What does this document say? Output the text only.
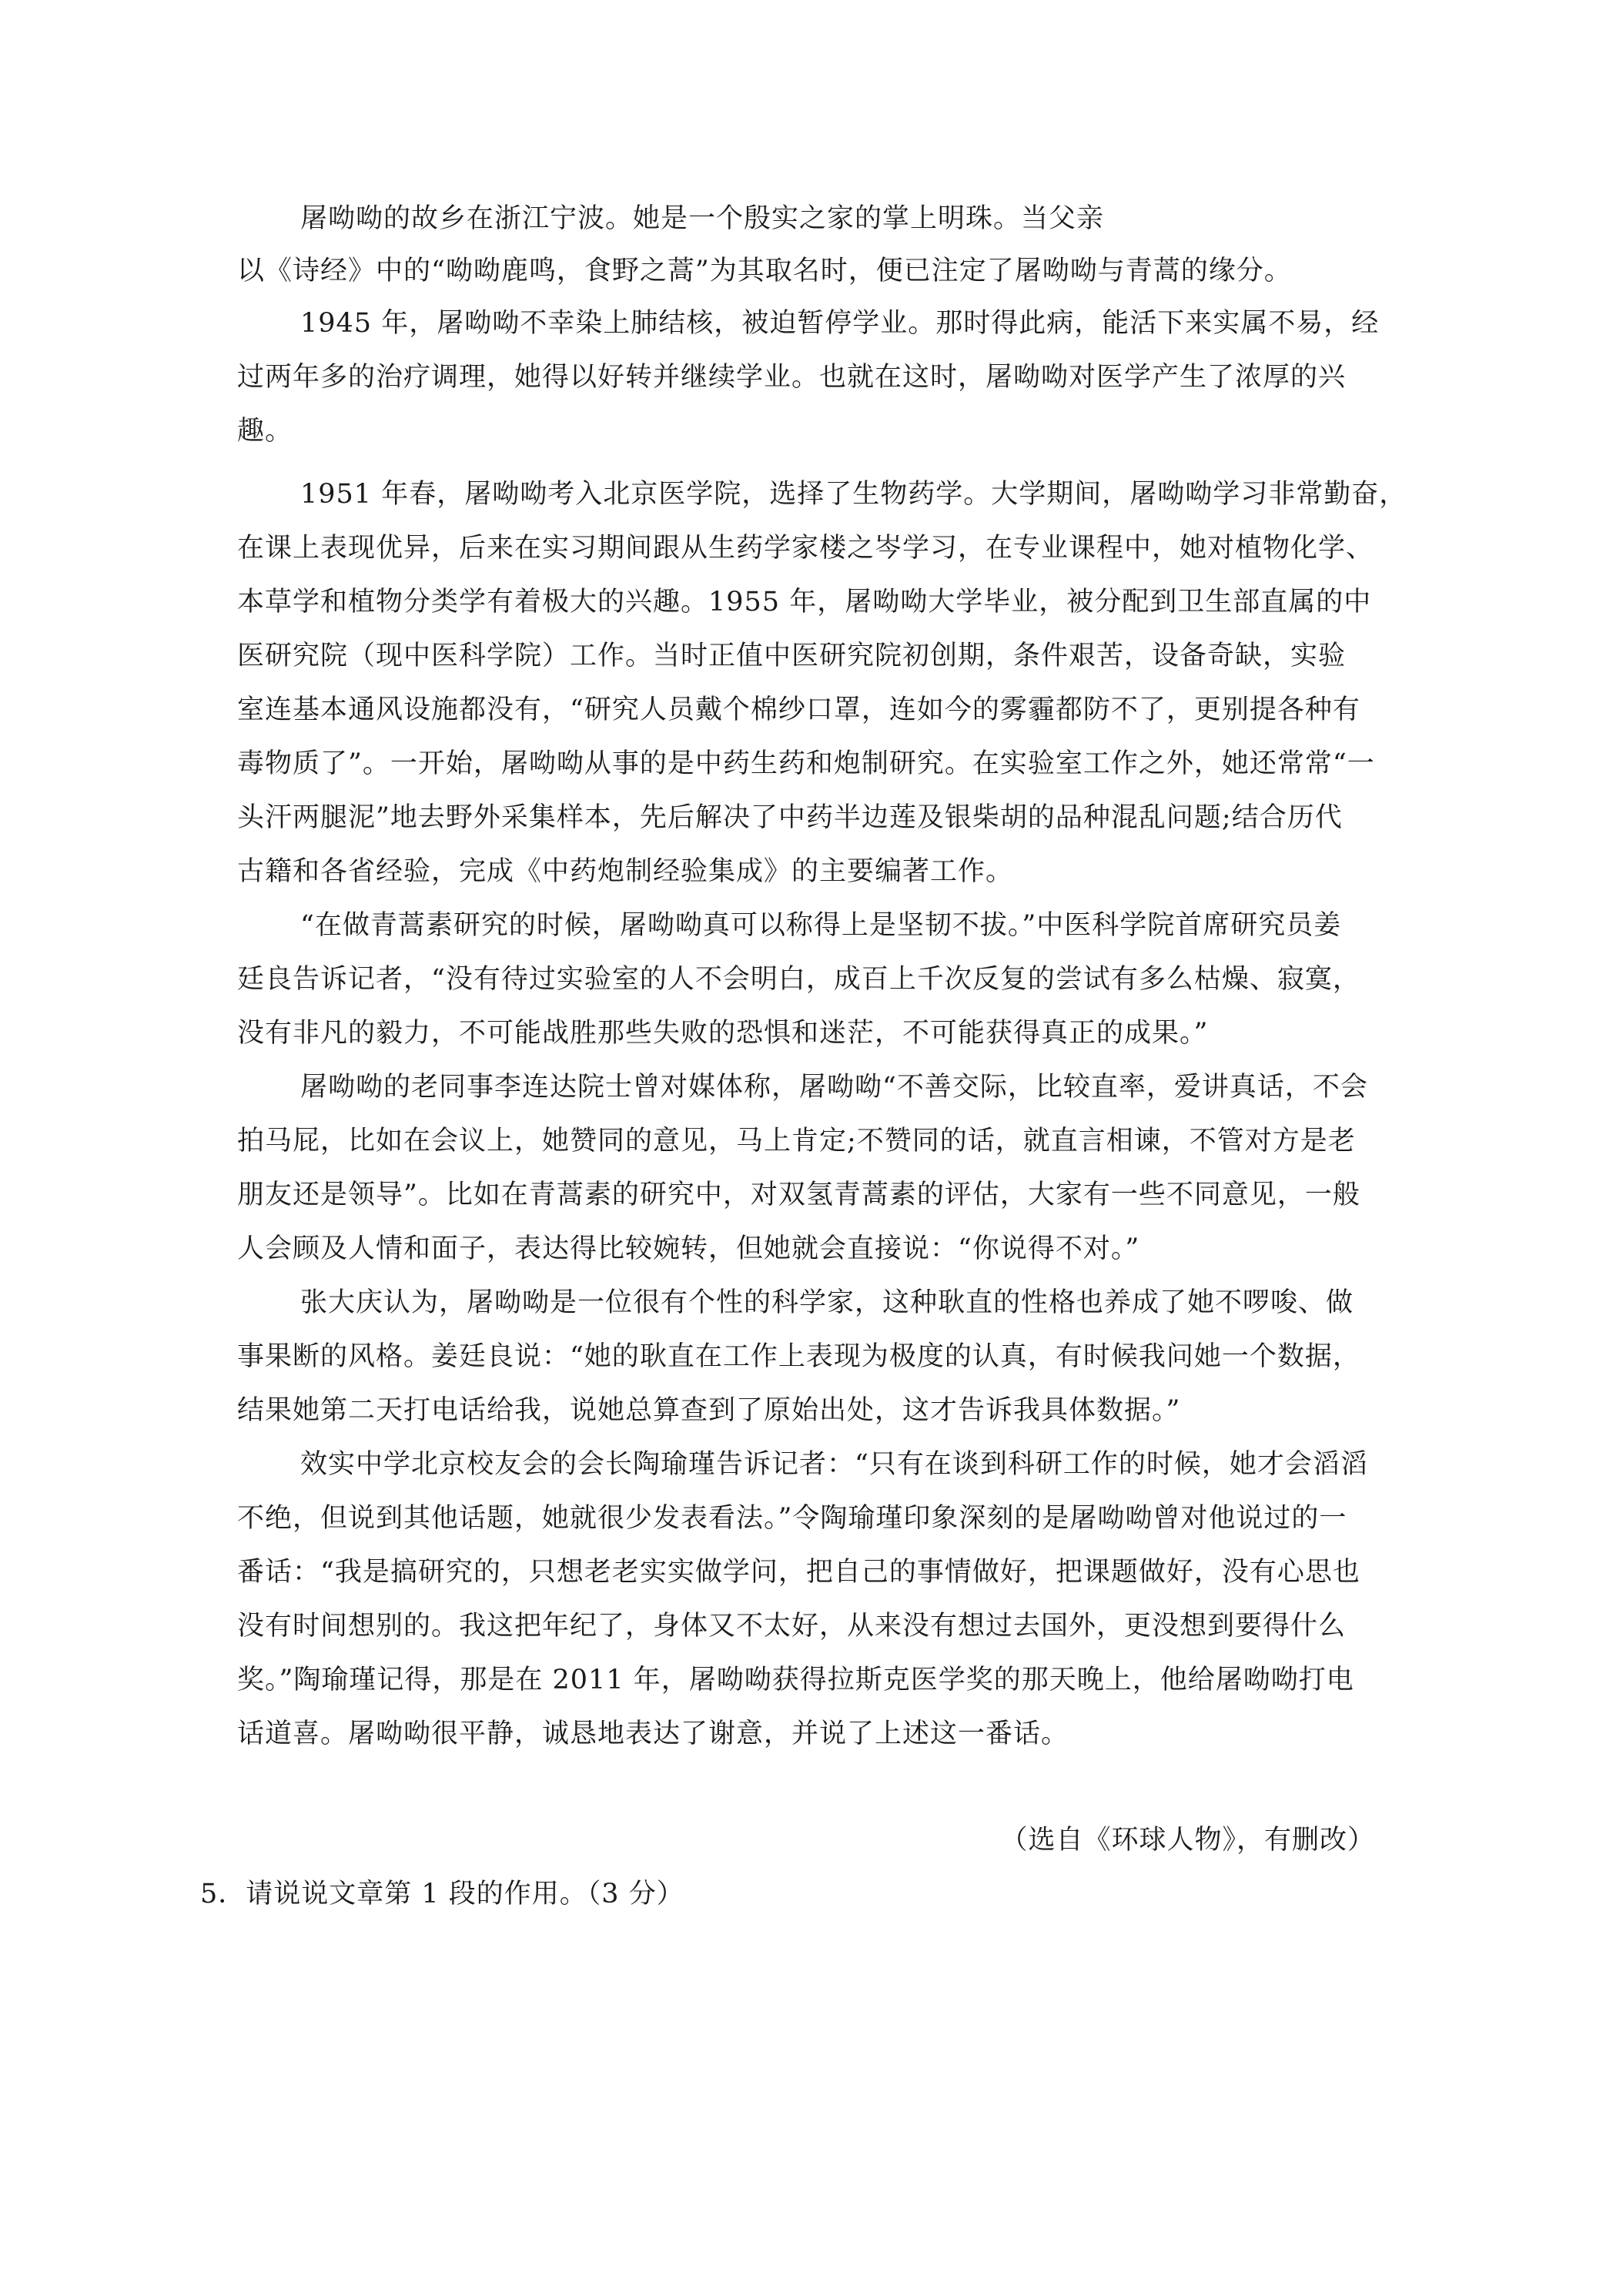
屠呦呦的故乡在浙江宁波。她是一个殷实之家的掌上明珠。当父亲
以《诗经》中的“呦呦鹿鸣，食野之蒿”为其取名时，便已注定了屠呦呦与青蒿的缘分。
1945 年，屠呦呦不幸染上肺结核，被迫暂停学业。那时得此病，能活下来实属不易，经
过两年多的治疗调理，她得以好转并继续学业。也就在这时，屠呦呦对医学产生了浓厚的兴
趣。
1951 年春，屠呦呦考入北京医学院，选择了生物药学。大学期间，屠呦呦学习非常勤奋，
在课上表现优异，后来在实习期间跟从生药学家楼之岑学习，在专业课程中，她对植物化学、
本草学和植物分类学有着极大的兴趣。1955 年，屠呦呦大学毕业，被分配到卫生部直属的中
医研究院（现中医科学院）工作。当时正值中医研究院初创期，条件艰苦，设备奇缺，实验
室连基本通风设施都没有，“研究人员戴个棉纱口罩，连如今的雾霾都防不了，更别提各种有
毒物质了”。一开始，屠呦呦从事的是中药生药和炮制研究。在实验室工作之外，她还常常“一
头汗两腿泥”地去野外采集样本，先后解决了中药半边莲及银柴胡的品种混乱问题;结合历代
古籍和各省经验，完成《中药炮制经验集成》的主要编著工作。
“在做青蒿素研究的时候，屠呦呦真可以称得上是坚韧不拔。”中医科学院首席研究员姜
廷良告诉记者，“没有待过实验室的人不会明白，成百上千次反复的尝试有多么枯燥、寂寞，
没有非凡的毅力，不可能战胜那些失败的恐惧和迷茫，不可能获得真正的成果。”
屠呦呦的老同事李连达院士曾对媒体称，屠呦呦“不善交际，比较直率，爱讲真话，不会
拍马屁，比如在会议上，她赞同的意见，马上肯定;不赞同的话，就直言相谏，不管对方是老
朋友还是领导”。比如在青蒿素的研究中，对双氢青蒿素的评估，大家有一些不同意见，一般
人会顾及人情和面子，表达得比较婉转，但她就会直接说：“你说得不对。”
张大庆认为，屠呦呦是一位很有个性的科学家，这种耿直的性格也养成了她不啰唆、做
事果断的风格。姜廷良说：“她的耿直在工作上表现为极度的认真，有时候我问她一个数据，
结果她第二天打电话给我，说她总算查到了原始出处，这才告诉我具体数据。”
效实中学北京校友会的会长陶瑜瑾告诉记者：“只有在谈到科研工作的时候，她才会滔滔
不绝，但说到其他话题，她就很少发表看法。”令陶瑜瑾印象深刻的是屠呦呦曾对他说过的一
番话：“我是搞研究的，只想老老实实做学问，把自己的事情做好，把课题做好，没有心思也
没有时间想别的。我这把年纪了，身体又不太好，从来没有想过去国外，更没想到要得什么
奖。”陶瑜瑾记得，那是在 2011 年，屠呦呦获得拉斯克医学奖的那天晚上，他给屠呦呦打电
话道喜。屠呦呦很平静，诚恳地表达了谢意，并说了上述这一番话。
（选自《环球人物》，有删改）
5．请说说文章第 1 段的作用。（3 分）
